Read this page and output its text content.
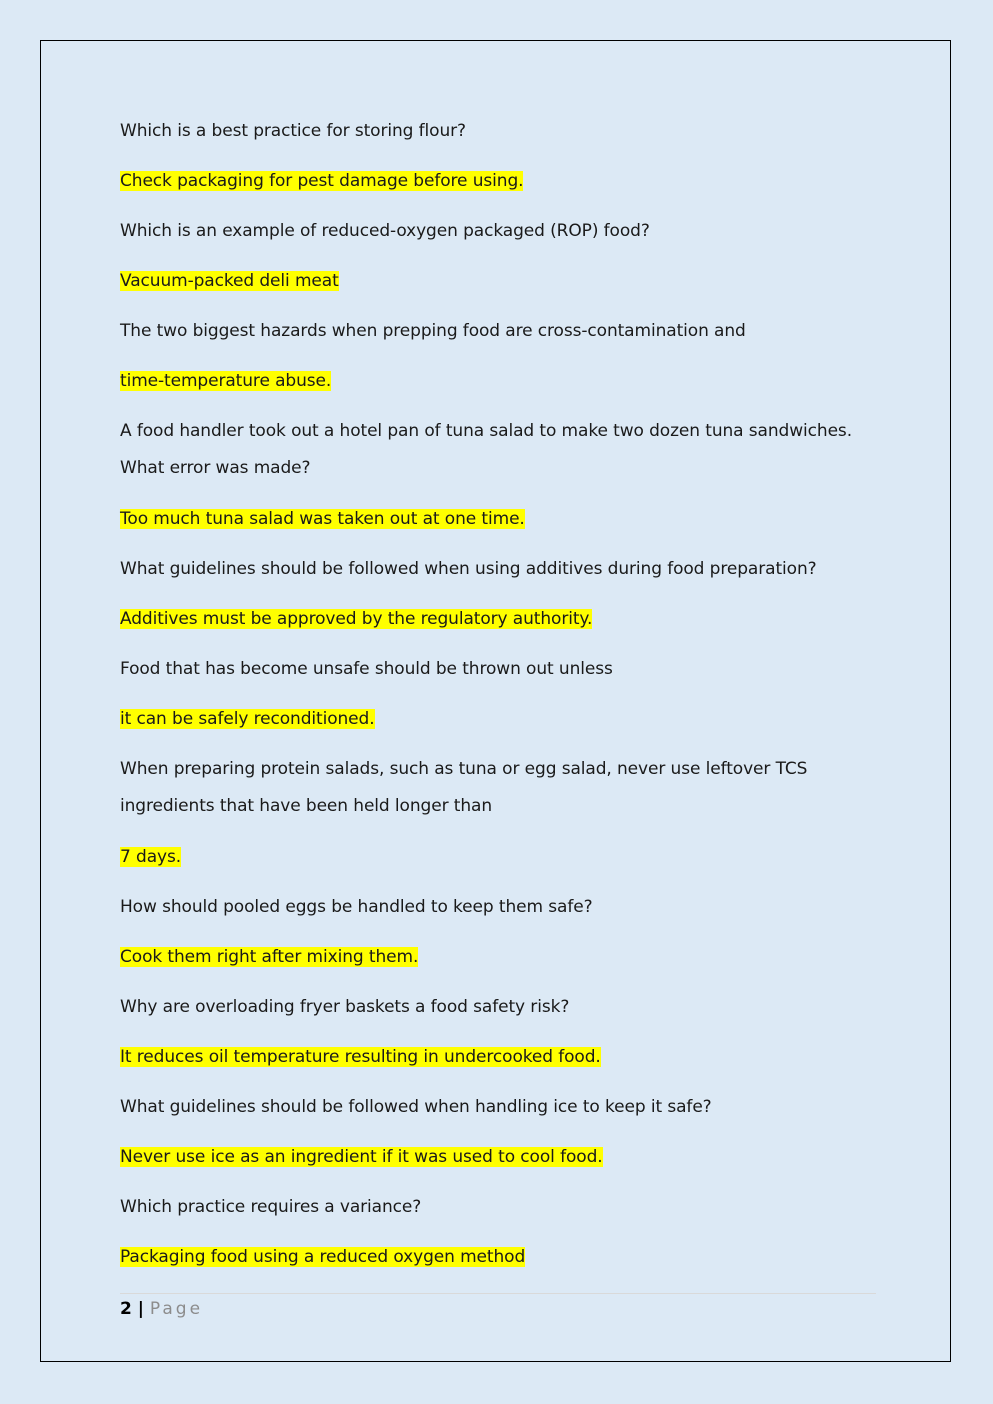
Which is a best practice for storing flour?

Check packaging for pest damage before using.

Which is an example of reduced-oxygen packaged (ROP) food?

Vacuum-packed deli meat

The two biggest hazards when prepping food are cross-contamination and

time-temperature abuse.

A food handler took out a hotel pan of tuna salad to make two dozen tuna sandwiches. What error was made?

Too much tuna salad was taken out at one time.

What guidelines should be followed when using additives during food preparation?

Additives must be approved by the regulatory authority.

Food that has become unsafe should be thrown out unless

it can be safely reconditioned.

When preparing protein salads, such as tuna or egg salad, never use leftover TCS ingredients that have been held longer than

7 days.

How should pooled eggs be handled to keep them safe?

Cook them right after mixing them.

Why are overloading fryer baskets a food safety risk?

It reduces oil temperature resulting in undercooked food.

What guidelines should be followed when handling ice to keep it safe?

Never use ice as an ingredient if it was used to cool food.

Which practice requires a variance?

Packaging food using a reduced oxygen method

2 | Page
